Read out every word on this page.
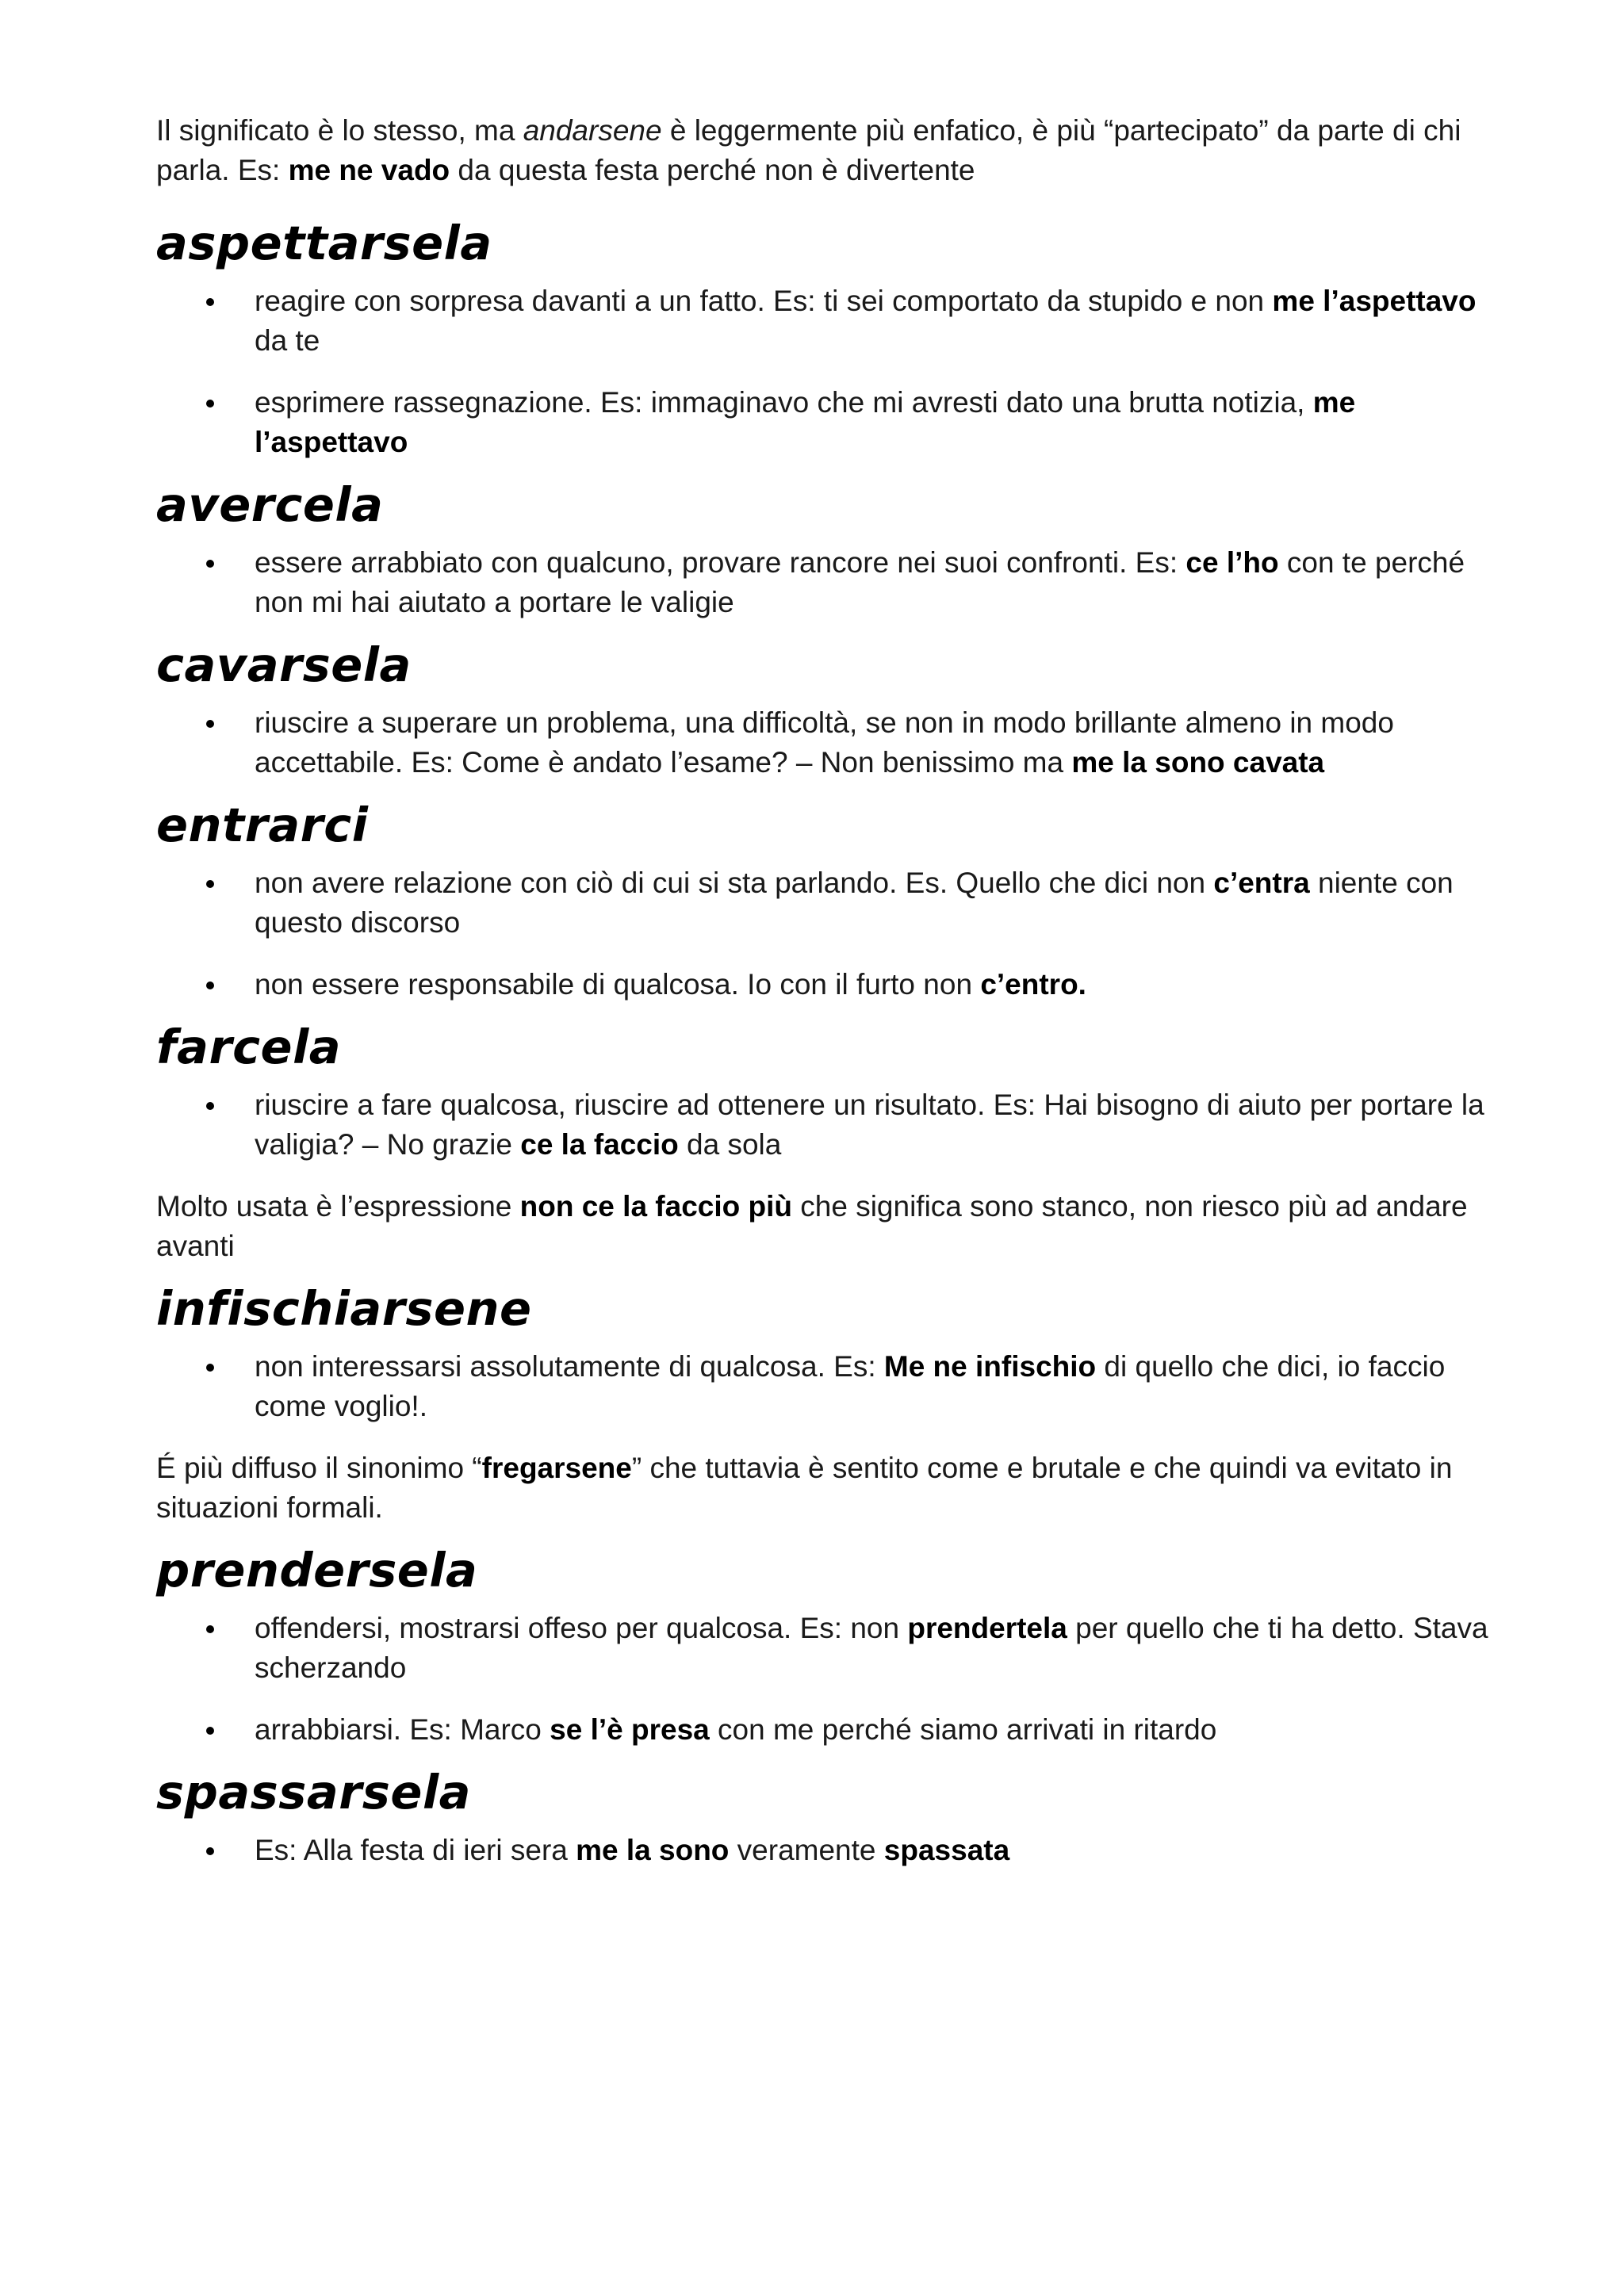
Il significato è lo stesso, ma andarsene è leggermente più enfatico, è più “partecipato” da parte di chi parla. Es: me ne vado da questa festa perché non è divertente

aspettarsela
reagire con sorpresa davanti a un fatto. Es: ti sei comportato da stupido e non me l’aspettavo da te
esprimere rassegnazione. Es: immaginavo che mi avresti dato una brutta notizia, me l’aspettavo
avercela
essere arrabbiato con qualcuno, provare rancore nei suoi confronti. Es: ce l’ho con te perché non mi hai aiutato a portare le valigie
cavarsela
riuscire a superare un problema, una difficoltà, se non in modo brillante almeno in modo accettabile. Es: Come è andato l’esame? – Non benissimo ma me la sono cavata
entrarci
non avere relazione con ciò di cui si sta parlando. Es. Quello che dici non c’entra niente con questo discorso
non essere responsabile di qualcosa. Io con il furto non c’entro.
farcela
riuscire a fare qualcosa, riuscire ad ottenere un risultato. Es: Hai bisogno di aiuto per portare la valigia? – No grazie ce la faccio da sola

Molto usata è l’espressione non ce la faccio più che significa sono stanco, non riesco più ad andare avanti

infischiarsene
non interessarsi assolutamente di qualcosa. Es: Me ne infischio di quello che dici, io faccio come voglio!.

É più diffuso il sinonimo “fregarsene” che tuttavia è sentito come e brutale e che quindi va evitato in situazioni formali.

prendersela
offendersi, mostrarsi offeso per qualcosa. Es: non prendertela per quello che ti ha detto. Stava scherzando
arrabbiarsi. Es: Marco se l’è presa con me perché siamo arrivati in ritardo
spassarsela
Es: Alla festa di ieri sera me la sono veramente spassata
